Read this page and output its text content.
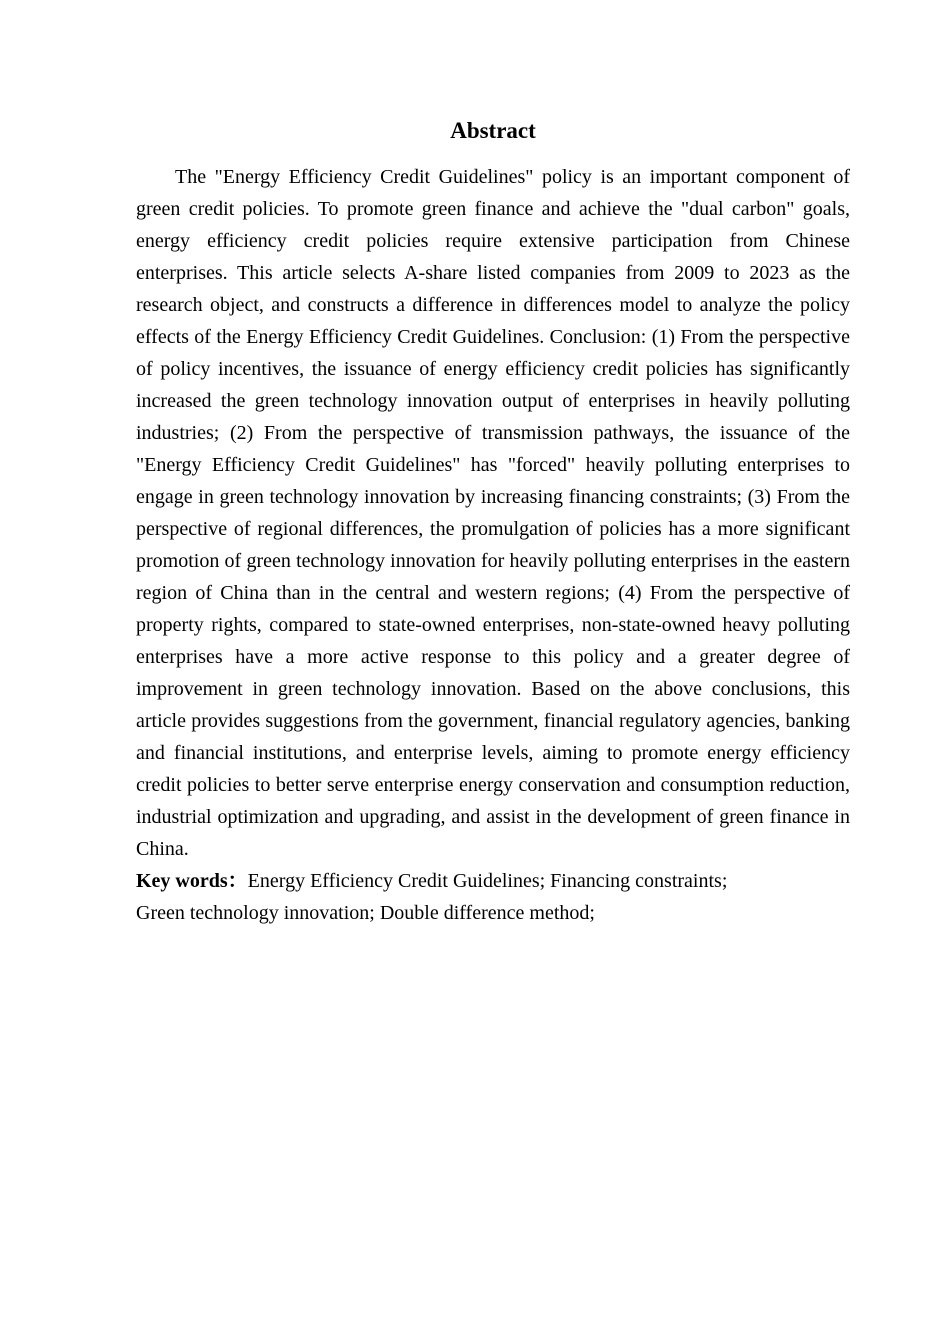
Abstract

The "Energy Efficiency Credit Guidelines" policy is an important component of green credit policies. To promote green finance and achieve the "dual carbon" goals, energy efficiency credit policies require extensive participation from Chinese enterprises. This article selects A-share listed companies from 2009 to 2023 as the research object, and constructs a difference in differences model to analyze the policy effects of the Energy Efficiency Credit Guidelines. Conclusion: (1) From the perspective of policy incentives, the issuance of energy efficiency credit policies has significantly increased the green technology innovation output of enterprises in heavily polluting industries; (2) From the perspective of transmission pathways, the issuance of the "Energy Efficiency Credit Guidelines" has "forced" heavily polluting enterprises to engage in green technology innovation by increasing financing constraints; (3) From the perspective of regional differences, the promulgation of policies has a more significant promotion of green technology innovation for heavily polluting enterprises in the eastern region of China than in the central and western regions; (4) From the perspective of property rights, compared to state-owned enterprises, non-state-owned heavy polluting enterprises have a more active response to this policy and a greater degree of improvement in green technology innovation. Based on the above conclusions, this article provides suggestions from the government, financial regulatory agencies, banking and financial institutions, and enterprise levels, aiming to promote energy efficiency credit policies to better serve enterprise energy conservation and consumption reduction, industrial optimization and upgrading, and assist in the development of green finance in China.

Key words：Energy Efficiency Credit Guidelines; Financing constraints;
Green technology innovation; Double difference method;
